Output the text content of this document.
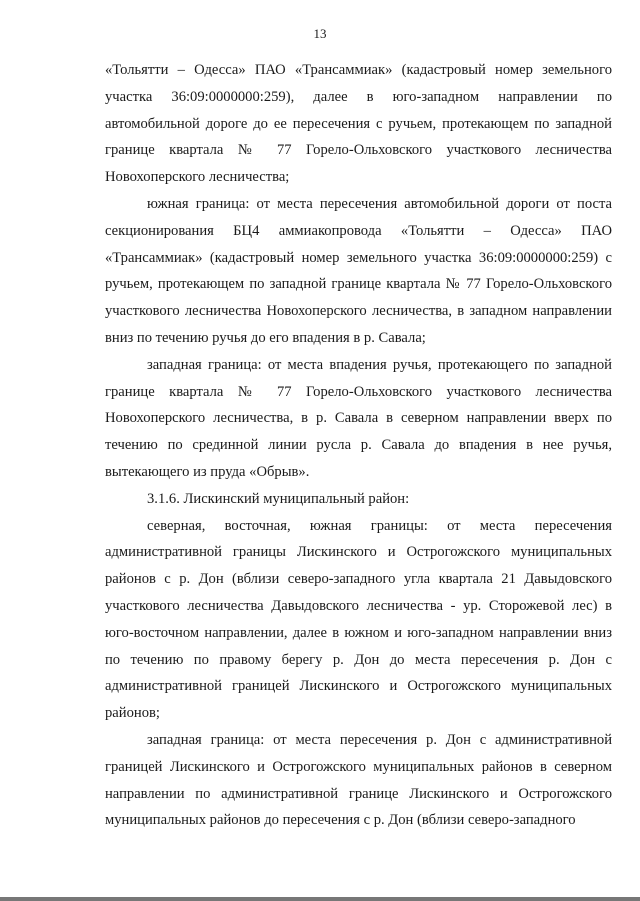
13

«Тольятти – Одесса» ПАО «Трансаммиак» (кадастровый номер земельного участка 36:09:0000000:259), далее в юго-западном направлении по автомобильной дороге до ее пересечения с ручьем, протекающем по западной границе квартала № 77 Горело-Ольховского участкового лесничества Новохоперского лесничества;

южная граница: от места пересечения автомобильной дороги от поста секционирования БЦ4 аммиакопровода «Тольятти – Одесса» ПАО «Трансаммиак» (кадастровый номер земельного участка 36:09:0000000:259) с ручьем, протекающем по западной границе квартала № 77 Горело-Ольховского участкового лесничества Новохоперского лесничества, в западном направлении вниз по течению ручья до его впадения в р. Савала;

западная граница: от места впадения ручья, протекающего по западной границе квартала № 77 Горело-Ольховского участкового лесничества Новохоперского лесничества, в р. Савала в северном направлении вверх по течению по срединной линии русла р. Савала до впадения в нее ручья, вытекающего из пруда «Обрыв».

3.1.6. Лискинский муниципальный район:

северная, восточная, южная границы: от места пересечения административной границы Лискинского и Острогожского муниципальных районов с р. Дон (вблизи северо-западного угла квартала 21 Давыдовского участкового лесничества Давыдовского лесничества - ур. Сторожевой лес) в юго-восточном направлении, далее в южном и юго-западном направлении вниз по течению по правому берегу р. Дон до места пересечения р. Дон с административной границей Лискинского и Острогожского муниципальных районов;

западная граница: от места пересечения р. Дон с административной границей Лискинского и Острогожского муниципальных районов в северном направлении по административной границе Лискинского и Острогожского муниципальных районов до пересечения с р. Дон (вблизи северо-западного
